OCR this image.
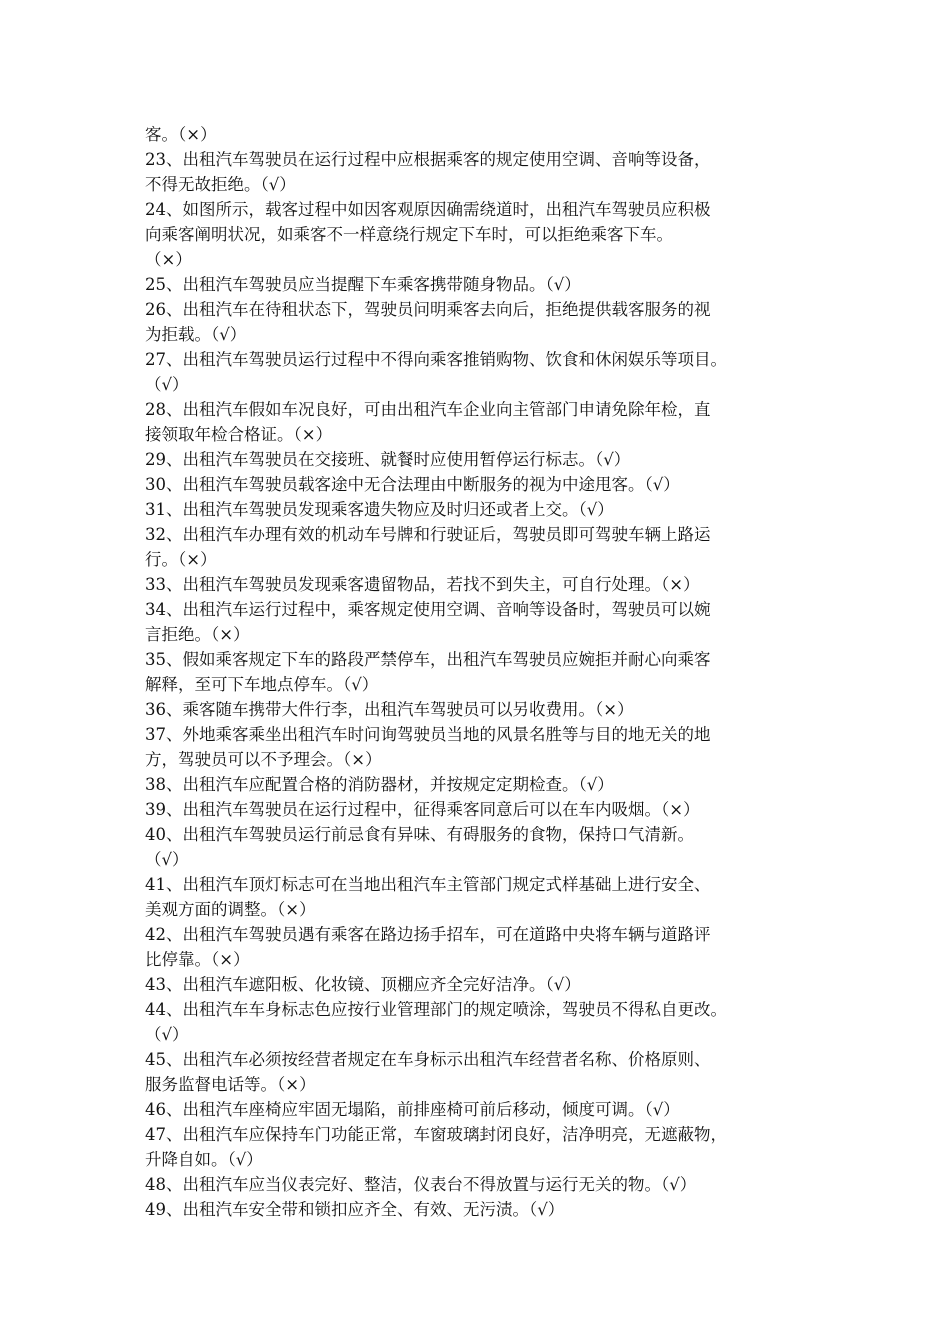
客。（×）
23、出租汽车驾驶员在运行过程中应根据乘客的规定使用空调、音响等设备，
不得无故拒绝。（√）
24、如图所示，载客过程中如因客观原因确需绕道时，出租汽车驾驶员应积极
向乘客阐明状况，如乘客不一样意绕行规定下车时，可以拒绝乘客下车。
（×）
25、出租汽车驾驶员应当提醒下车乘客携带随身物品。（√）
26、出租汽车在待租状态下，驾驶员问明乘客去向后，拒绝提供载客服务的视
为拒载。（√）
27、出租汽车驾驶员运行过程中不得向乘客推销购物、饮食和休闲娱乐等项目。
（√）
28、出租汽车假如车况良好，可由出租汽车企业向主管部门申请免除年检，直
接领取年检合格证。（×）
29、出租汽车驾驶员在交接班、就餐时应使用暂停运行标志。（√）
30、出租汽车驾驶员载客途中无合法理由中断服务的视为中途甩客。（√）
31、出租汽车驾驶员发现乘客遗失物应及时归还或者上交。（√）
32、出租汽车办理有效的机动车号牌和行驶证后，驾驶员即可驾驶车辆上路运
行。（×）
33、出租汽车驾驶员发现乘客遗留物品，若找不到失主，可自行处理。（×）
34、出租汽车运行过程中，乘客规定使用空调、音响等设备时，驾驶员可以婉
言拒绝。（×）
35、假如乘客规定下车的路段严禁停车，出租汽车驾驶员应婉拒并耐心向乘客
解释，至可下车地点停车。（√）
36、乘客随车携带大件行李，出租汽车驾驶员可以另收费用。（×）
37、外地乘客乘坐出租汽车时问询驾驶员当地的风景名胜等与目的地无关的地
方，驾驶员可以不予理会。（×）
38、出租汽车应配置合格的消防器材，并按规定定期检查。（√）
39、出租汽车驾驶员在运行过程中，征得乘客同意后可以在车内吸烟。（×）
40、出租汽车驾驶员运行前忌食有异味、有碍服务的食物，保持口气清新。
（√）
41、出租汽车顶灯标志可在当地出租汽车主管部门规定式样基础上进行安全、
美观方面的调整。（×）
42、出租汽车驾驶员遇有乘客在路边扬手招车，可在道路中央将车辆与道路评
比停靠。（×）
43、出租汽车遮阳板、化妆镜、顶棚应齐全完好洁净。（√）
44、出租汽车车身标志色应按行业管理部门的规定喷涂，驾驶员不得私自更改。
（√）
45、出租汽车必须按经营者规定在车身标示出租汽车经营者名称、价格原则、
服务监督电话等。（×）
46、出租汽车座椅应牢固无塌陷，前排座椅可前后移动，倾度可调。（√）
47、出租汽车应保持车门功能正常，车窗玻璃封闭良好，洁净明亮，无遮蔽物，
升降自如。（√）
48、出租汽车应当仪表完好、整洁，仪表台不得放置与运行无关的物。（√）
49、出租汽车安全带和锁扣应齐全、有效、无污渍。（√）
